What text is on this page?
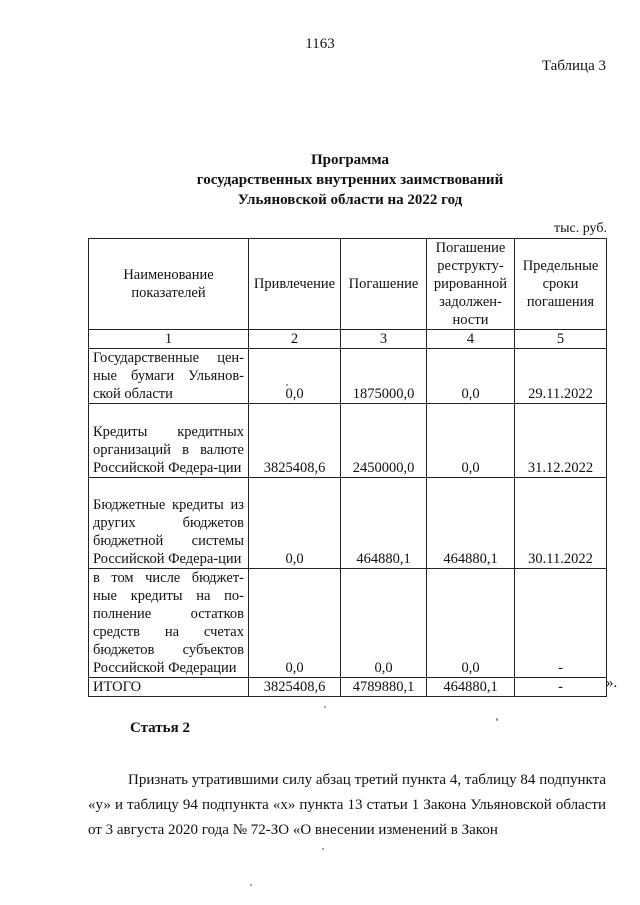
1163
Таблица 3
Программа
государственных внутренних заимствований
Ульяновской области на 2022 год
тыс. руб.
Наименование показателей	Привлечение	Погашение	Погашение реструкту-рированной задолжен-ности	Предельные сроки погашения
1	2	3	4	5
Государственные цен-ные бумаги Ульянов-ской области	0,0	1875000,0	0,0	29.11.2022
Кредиты кредитных организаций в валюте Российской Федера-ции	3825408,6	2450000,0	0,0	31.12.2022
Бюджетные кредиты из других бюджетов бюджетной системы Российской Федера-ции	0,0	464880,1	464880,1	30.11.2022
в том числе бюджет-ные кредиты на по-полнение остатков средств на счетах бюджетов субъектов Российской Федерации	0,0	0,0	0,0	-
ИТОГО	3825408,6	4789880,1	464880,1	-	».
Статья 2

Признать утратившими силу абзац третий пункта 4, таблицу 84 подпункта «у» и таблицу 94 подпункта «х» пункта 13 статьи 1 Закона Ульяновской области от 3 августа 2020 года № 72-ЗО «О внесении изменений в Закон
